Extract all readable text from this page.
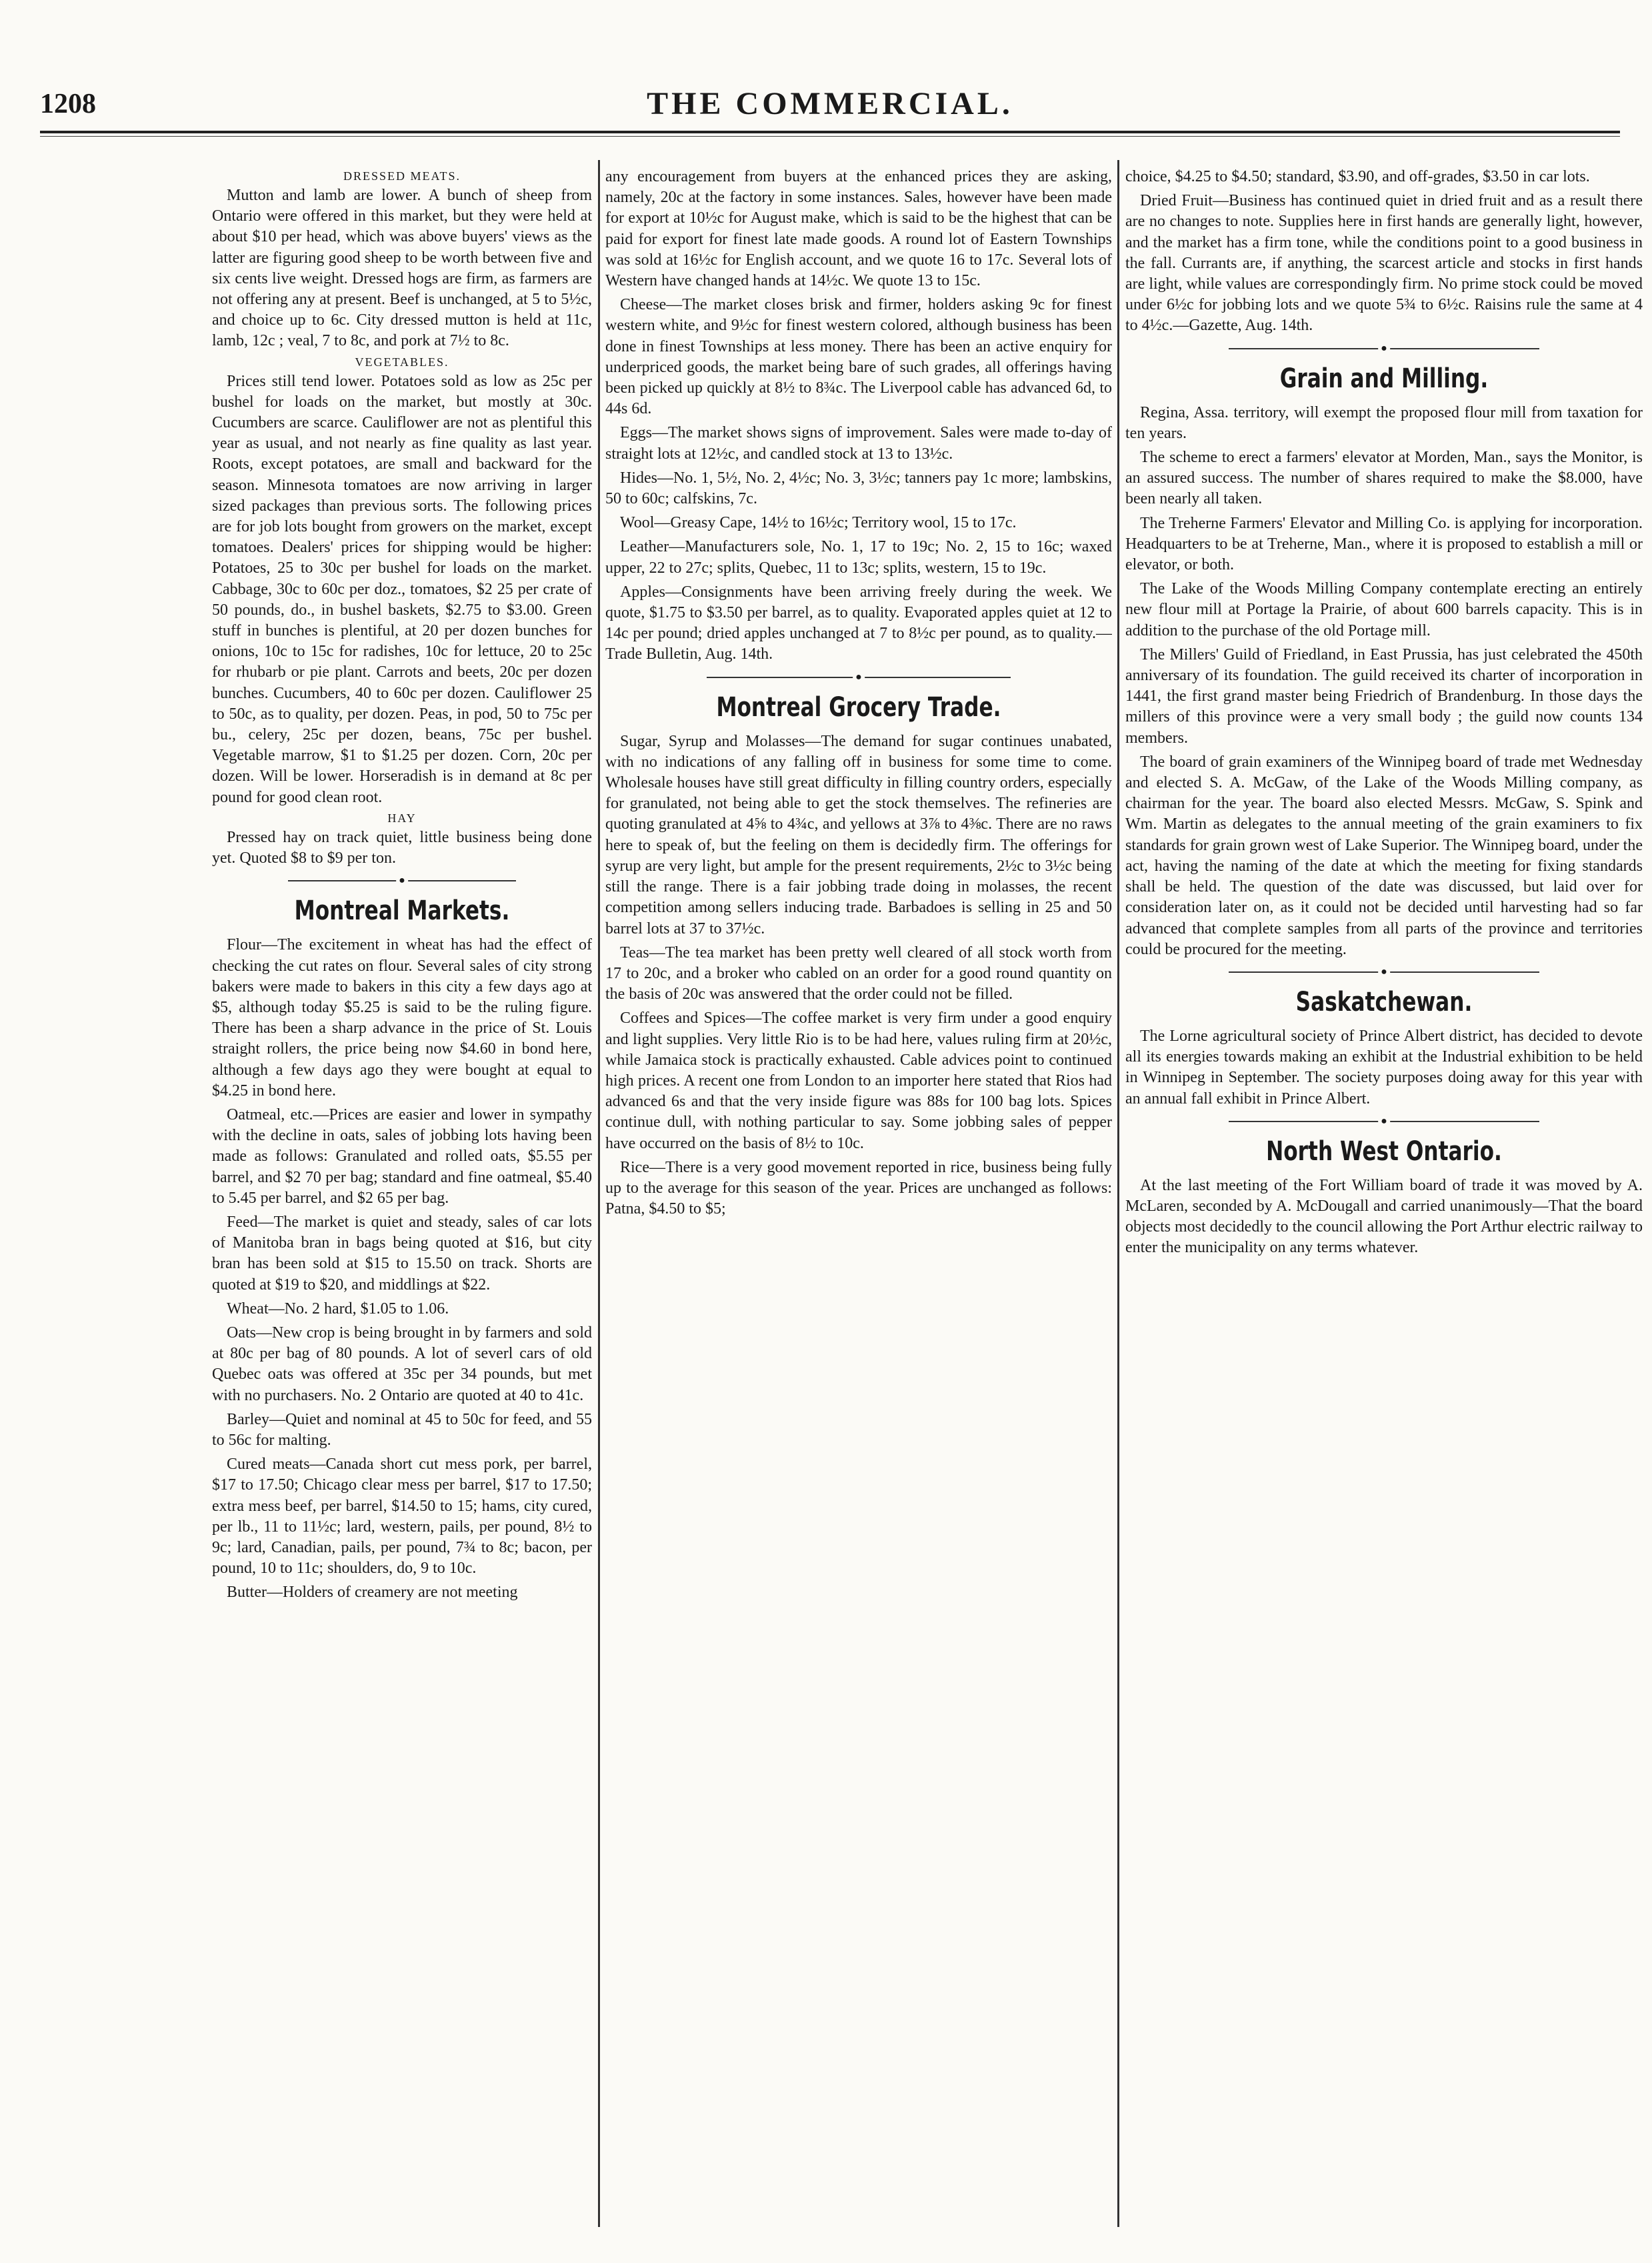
1208	THE COMMERCIAL.
DRESSED MEATS.

Mutton and lamb are lower. A bunch of sheep from Ontario were offered in this market, but they were held at about $10 per head, which was above buyers' views as the latter are figuring good sheep to be worth between five and six cents live weight. Dressed hogs are firm, as farmers are not offering any at present. Beef is unchanged, at 5 to 5½c, and choice up to 6c. City dressed mutton is held at 11c, lamb, 12c ; veal, 7 to 8c, and pork at 7½ to 8c.

VEGETABLES.

Prices still tend lower. Potatoes sold as low as 25c per bushel for loads on the market, but mostly at 30c. Cucumbers are scarce. Cauliflower are not as plentiful this year as usual, and not nearly as fine quality as last year. Roots, except potatoes, are small and backward for the season. Minnesota tomatoes are now arriving in larger sized packages than previous sorts. The following prices are for job lots bought from growers on the market, except tomatoes. Dealers' prices for shipping would be higher: Potatoes, 25 to 30c per bushel for loads on the market. Cabbage, 30c to 60c per doz., tomatoes, $2 25 per crate of 50 pounds, do., in bushel baskets, $2.75 to $3.00. Green stuff in bunches is plentiful, at 20 per dozen bunches for onions, 10c to 15c for radishes, 10c for lettuce, 20 to 25c for rhubarb or pie plant. Carrots and beets, 20c per dozen bunches. Cucumbers, 40 to 60c per dozen. Cauliflower 25 to 50c, as to quality, per dozen. Peas, in pod, 50 to 75c per bu., celery, 25c per dozen, beans, 75c per bushel. Vegetable marrow, $1 to $1.25 per dozen. Corn, 20c per dozen. Will be lower. Horseradish is in demand at 8c per pound for good clean root.

HAY

Pressed hay on track quiet, little business being done yet. Quoted $8 to $9 per ton.

●
Montreal Markets.

Flour—The excitement in wheat has had the effect of checking the cut rates on flour. Several sales of city strong bakers were made to bakers in this city a few days ago at $5, although today $5.25 is said to be the ruling figure. There has been a sharp advance in the price of St. Louis straight rollers, the price being now $4.60 in bond here, although a few days ago they were bought at equal to $4.25 in bond here.

Oatmeal, etc.—Prices are easier and lower in sympathy with the decline in oats, sales of jobbing lots having been made as follows: Granulated and rolled oats, $5.55 per barrel, and $2 70 per bag; standard and fine oatmeal, $5.40 to 5.45 per barrel, and $2 65 per bag.

Feed—The market is quiet and steady, sales of car lots of Manitoba bran in bags being quoted at $16, but city bran has been sold at $15 to 15.50 on track. Shorts are quoted at $19 to $20, and middlings at $22.

Wheat—No. 2 hard, $1.05 to 1.06.

Oats—New crop is being brought in by farmers and sold at 80c per bag of 80 pounds. A lot of severl cars of old Quebec oats was offered at 35c per 34 pounds, but met with no purchasers. No. 2 Ontario are quoted at 40 to 41c.

Barley—Quiet and nominal at 45 to 50c for feed, and 55 to 56c for malting.

Cured meats—Canada short cut mess pork, per barrel, $17 to 17.50; Chicago clear mess per barrel, $17 to 17.50; extra mess beef, per barrel, $14.50 to 15; hams, city cured, per lb., 11 to 11½c; lard, western, pails, per pound, 8½ to 9c; lard, Canadian, pails, per pound, 7¾ to 8c; bacon, per pound, 10 to 11c; shoulders, do, 9 to 10c.

Butter—Holders of creamery are not meeting

any encouragement from buyers at the enhanced prices they are asking, namely, 20c at the factory in some instances. Sales, however have been made for export at 10½c for August make, which is said to be the highest that can be paid for export for finest late made goods. A round lot of Eastern Townships was sold at 16½c for English account, and we quote 16 to 17c. Several lots of Western have changed hands at 14½c. We quote 13 to 15c.

Cheese—The market closes brisk and firmer, holders asking 9c for finest western white, and 9½c for finest western colored, although business has been done in finest Townships at less money. There has been an active enquiry for underpriced goods, the market being bare of such grades, all offerings having been picked up quickly at 8½ to 8¾c. The Liverpool cable has advanced 6d, to 44s 6d.

Eggs—The market shows signs of improvement. Sales were made to-day of straight lots at 12½c, and candled stock at 13 to 13½c.

Hides—No. 1, 5½, No. 2, 4½c; No. 3, 3½c; tanners pay 1c more; lambskins, 50 to 60c; calfskins, 7c.

Wool—Greasy Cape, 14½ to 16½c; Territory wool, 15 to 17c.

Leather—Manufacturers sole, No. 1, 17 to 19c; No. 2, 15 to 16c; waxed upper, 22 to 27c; splits, Quebec, 11 to 13c; splits, western, 15 to 19c.

Apples—Consignments have been arriving freely during the week. We quote, $1.75 to $3.50 per barrel, as to quality. Evaporated apples quiet at 12 to 14c per pound; dried apples unchanged at 7 to 8½c per pound, as to quality.—Trade Bulletin, Aug. 14th.

●
Montreal Grocery Trade.

Sugar, Syrup and Molasses—The demand for sugar continues unabated, with no indications of any falling off in business for some time to come. Wholesale houses have still great difficulty in filling country orders, especially for granulated, not being able to get the stock themselves. The refineries are quoting granulated at 4⅝ to 4¾c, and yellows at 3⅞ to 4⅜c. There are no raws here to speak of, but the feeling on them is decidedly firm. The offerings for syrup are very light, but ample for the present requirements, 2½c to 3½c being still the range. There is a fair jobbing trade doing in molasses, the recent competition among sellers inducing trade. Barbadoes is selling in 25 and 50 barrel lots at 37 to 37½c.

Teas—The tea market has been pretty well cleared of all stock worth from 17 to 20c, and a broker who cabled on an order for a good round quantity on the basis of 20c was answered that the order could not be filled.

Coffees and Spices—The coffee market is very firm under a good enquiry and light supplies. Very little Rio is to be had here, values ruling firm at 20½c, while Jamaica stock is practically exhausted. Cable advices point to continued high prices. A recent one from London to an importer here stated that Rios had advanced 6s and that the very inside figure was 88s for 100 bag lots. Spices continue dull, with nothing particular to say. Some jobbing sales of pepper have occurred on the basis of 8½ to 10c.

Rice—There is a very good movement reported in rice, business being fully up to the average for this season of the year. Prices are unchanged as follows: Patna, $4.50 to $5;

choice, $4.25 to $4.50; standard, $3.90, and off-grades, $3.50 in car lots.

Dried Fruit—Business has continued quiet in dried fruit and as a result there are no changes to note. Supplies here in first hands are generally light, however, and the market has a firm tone, while the conditions point to a good business in the fall. Currants are, if anything, the scarcest article and stocks in first hands are light, while values are correspondingly firm. No prime stock could be moved under 6½c for jobbing lots and we quote 5¾ to 6½c. Raisins rule the same at 4 to 4½c.—Gazette, Aug. 14th.

●
Grain and Milling.

Regina, Assa. territory, will exempt the proposed flour mill from taxation for ten years.

The scheme to erect a farmers' elevator at Morden, Man., says the Monitor, is an assured success. The number of shares required to make the $8.000, have been nearly all taken.

The Treherne Farmers' Elevator and Milling Co. is applying for incorporation. Headquarters to be at Treherne, Man., where it is proposed to establish a mill or elevator, or both.

The Lake of the Woods Milling Company contemplate erecting an entirely new flour mill at Portage la Prairie, of about 600 barrels capacity. This is in addition to the purchase of the old Portage mill.

The Millers' Guild of Friedland, in East Prussia, has just celebrated the 450th anniversary of its foundation. The guild received its charter of incorporation in 1441, the first grand master being Friedrich of Brandenburg. In those days the millers of this province were a very small body ; the guild now counts 134 members.

The board of grain examiners of the Winnipeg board of trade met Wednesday and elected S. A. McGaw, of the Lake of the Woods Milling company, as chairman for the year. The board also elected Messrs. McGaw, S. Spink and Wm. Martin as delegates to the annual meeting of the grain examiners to fix standards for grain grown west of Lake Superior. The Winnipeg board, under the act, having the naming of the date at which the meeting for fixing standards shall be held. The question of the date was discussed, but laid over for consideration later on, as it could not be decided until harvesting had so far advanced that complete samples from all parts of the province and territories could be procured for the meeting.

●
Saskatchewan.

The Lorne agricultural society of Prince Albert district, has decided to devote all its energies towards making an exhibit at the Industrial exhibition to be held in Winnipeg in September. The society purposes doing away for this year with an annual fall exhibit in Prince Albert.

●
North West Ontario.

At the last meeting of the Fort William board of trade it was moved by A. McLaren, seconded by A. McDougall and carried unanimously—That the board objects most decidedly to the council allowing the Port Arthur electric railway to enter the municipality on any terms whatever.
